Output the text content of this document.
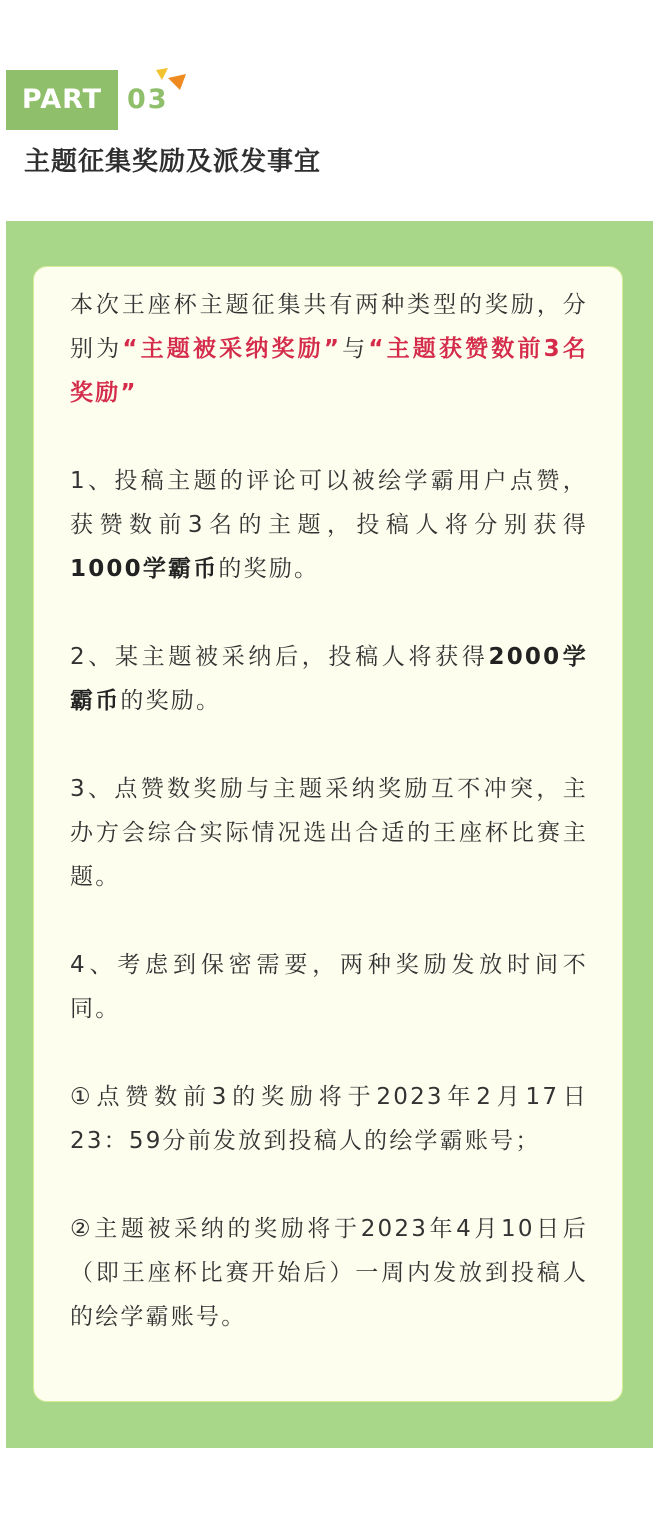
PART 03
主题征集奖励及派发事宜

本次王座杯主题征集共有两种类型的奖励，分别为“主题被采纳奖励”与“主题获赞数前3名奖励”

1、投稿主题的评论可以被绘学霸用户点赞，获赞数前3名的主题，投稿人将分别获得1000学霸币的奖励。

2、某主题被采纳后，投稿人将获得2000学霸币的奖励。

3、点赞数奖励与主题采纳奖励互不冲突，主办方会综合实际情况选出合适的王座杯比赛主题。

4、考虑到保密需要，两种奖励发放时间不同。

①点赞数前3的奖励将于2023年2月17日23：59分前发放到投稿人的绘学霸账号；

②主题被采纳的奖励将于2023年4月10日后（即王座杯比赛开始后）一周内发放到投稿人的绘学霸账号。
